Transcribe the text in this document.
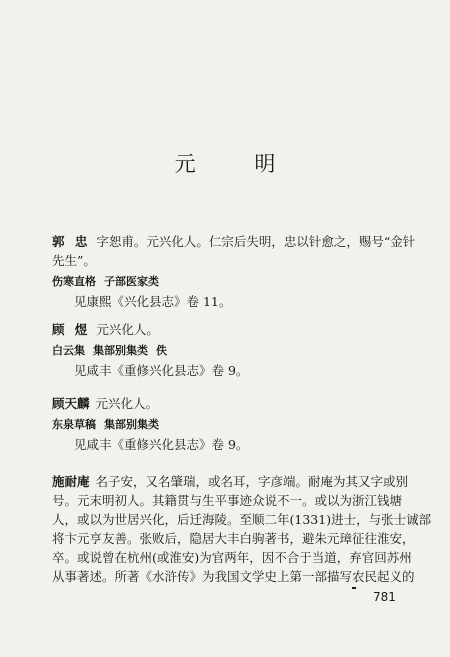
元 明
郭 忠 字恕甫。元兴化人。仁宗后失明，忠以针愈之，赐号“金针
先生”。
伤寒直格 子部医家类
见康熙《兴化县志》卷 11。
顾 煜 元兴化人。
白云集 集部别集类 佚
见咸丰《重修兴化县志》卷 9。
顾天麟 元兴化人。
东泉草稿 集部别集类
见咸丰《重修兴化县志》卷 9。
施耐庵 名子安，又名肇瑞，或名耳，字彦端。耐庵为其又字或别
号。元末明初人。其籍贯与生平事迹众说不一。或以为浙江钱塘
人，或以为世居兴化，后迁海陵。至顺二年(1331)进士，与张士诚部
将卞元亨友善。张败后，隐居大丰白驹著书，避朱元璋征往淮安，
卒。或说曾在杭州(或淮安)为官两年，因不合于当道，弃官回苏州
从事著述。所著《水浒传》为我国文学史上第一部描写农民起义的
781
